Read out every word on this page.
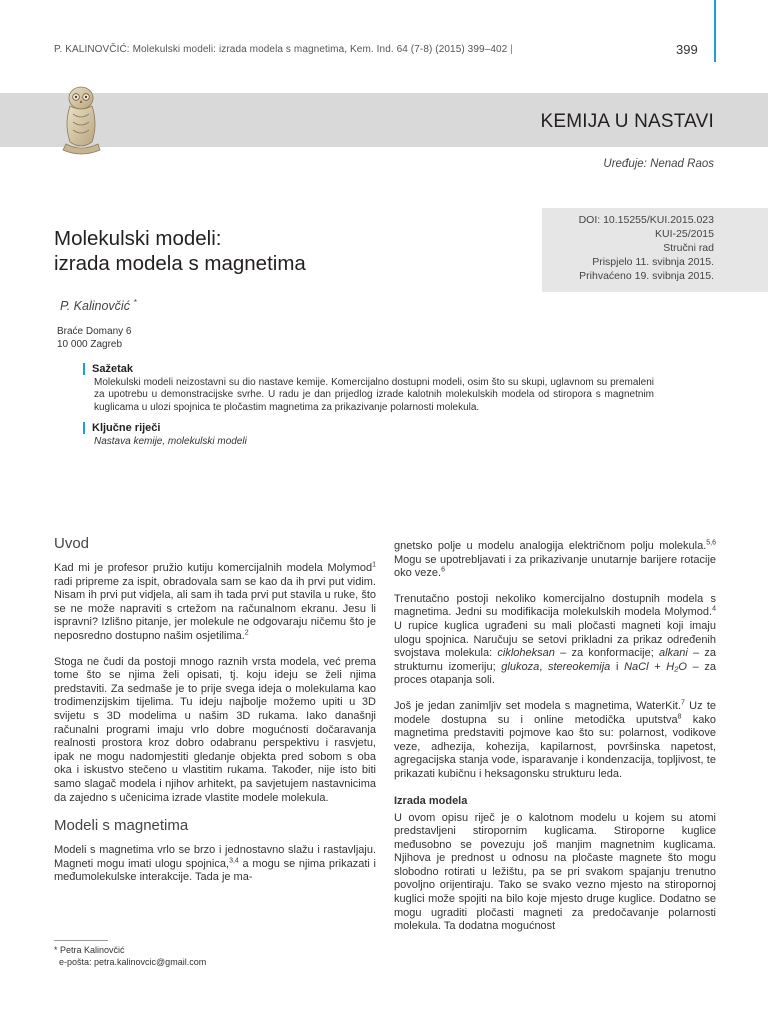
P. KALINOVČIĆ: Molekulski modeli: izrada modela s magnetima, Kem. Ind. 64 (7-8) (2015) 399–402 |	399
KEMIJA U NASTAVI
Uređuje: Nenad Raos
DOI: 10.15255/KUI.2015.023
KUI-25/2015
Stručni rad
Prispjelo 11. svibnja 2015.
Prihvaćeno 19. svibnja 2015.
Molekulski modeli:
izrada modela s magnetima
P. Kalinovčić *
Braće Domany 6
10 000 Zagreb
Sažetak
Molekulski modeli neizostavni su dio nastave kemije. Komercijalno dostupni modeli, osim što su skupi, uglavnom su premaleni za upotrebu u demonstracijske svrhe. U radu je dan prijedlog izrade kalotnih molekulskih modela od stiropora s magnetnim kuglicama u ulozi spojnica te pločastim magnetima za prikazivanje polarnosti molekula.
Ključne riječi
Nastava kemije, molekulski modeli
Uvod

Kad mi je profesor pružio kutiju komercijalnih modela Molymod$^1$ radi pripreme za ispit, obradovala sam se kao da ih prvi put vidim. Nisam ih prvi put vidjela, ali sam ih tada prvi put stavila u ruke, što se ne može napraviti s crtežom na računalnom ekranu. Jesu li ispravni? Izlišno pitanje, jer molekule ne odgovaraju ničemu što je neposredno dostupno našim osjetilima.$^2$

Stoga ne čudi da postoji mnogo raznih vrsta modela, već prema tome što se njima želi opisati, tj. koju ideju se želi njima predstaviti. Za sedmaše je to prije svega ideja o molekulama kao trodimenzijskim tijelima. Tu ideju najbolje možemo upiti u 3D svijetu s 3D modelima u našim 3D rukama. Iako današnji računalni programi imaju vrlo dobre mogućnosti dočaravanja realnosti prostora kroz dobro odabranu perspektivu i rasvjetu, ipak ne mogu nadomjestiti gledanje objekta pred sobom s oba oka i iskustvo stečeno u vlastitim rukama. Također, nije isto biti samo slagač modela i njihov arhitekt, pa savjetujem nastavnicima da zajedno s učenicima izrade vlastite modele molekula.

Modeli s magnetima

Modeli s magnetima vrlo se brzo i jednostavno slažu i rastavljaju. Magneti mogu imati ulogu spojnica,$^{3,4}$ a mogu se njima prikazati i međumolekulske interakcije. Tada je ma-

gnetsko polje u modelu analogija električnom polju molekula.$^{5,6}$ Mogu se upotrebljavati i za prikazivanje unutarnje barijere rotacije oko veze.$^6$

Trenutačno postoji nekoliko komercijalno dostupnih modela s magnetima. Jedni su modifikacija molekulskih modela Molymod.$^4$ U rupice kuglica ugrađeni su mali pločasti magneti koji imaju ulogu spojnica. Naručuju se setovi prikladni za prikaz određenih svojstava molekula: cikloheksan – za konformacije; alkani – za strukturnu izomeriju; glukoza, stereokemija i NaCl + H₂O – za proces otapanja soli.

Još je jedan zanimljiv set modela s magnetima, WaterKit.$^7$ Uz te modele dostupna su i online metodička uputstva$^8$ kako magnetima predstaviti pojmove kao što su: polarnost, vodikove veze, adhezija, kohezija, kapilarnost, površinska napetost, agregacijska stanja vode, isparavanje i kondenzacija, topljivost, te prikazati kubičnu i heksagonsku strukturu leda.

Izrada modela

U ovom opisu riječ je o kalotnom modelu u kojem su atomi predstavljeni stiropornim kuglicama. Stiroporne kuglice međusobno se povezuju još manjim magnetnim kuglicama. Njihova je prednost u odnosu na pločaste magnete što mogu slobodno rotirati u ležištu, pa se pri svakom spajanju trenutno povoljno orijentiraju. Tako se svako vezno mjesto na stiropornoj kuglici može spojiti na bilo koje mjesto druge kuglice. Dodatno se mogu ugraditi pločasti magneti za predočavanje polarnosti molekula. Ta dodatna mogućnost

* Petra Kalinovčić
e-pošta: petra.kalinovcic@gmail.com
